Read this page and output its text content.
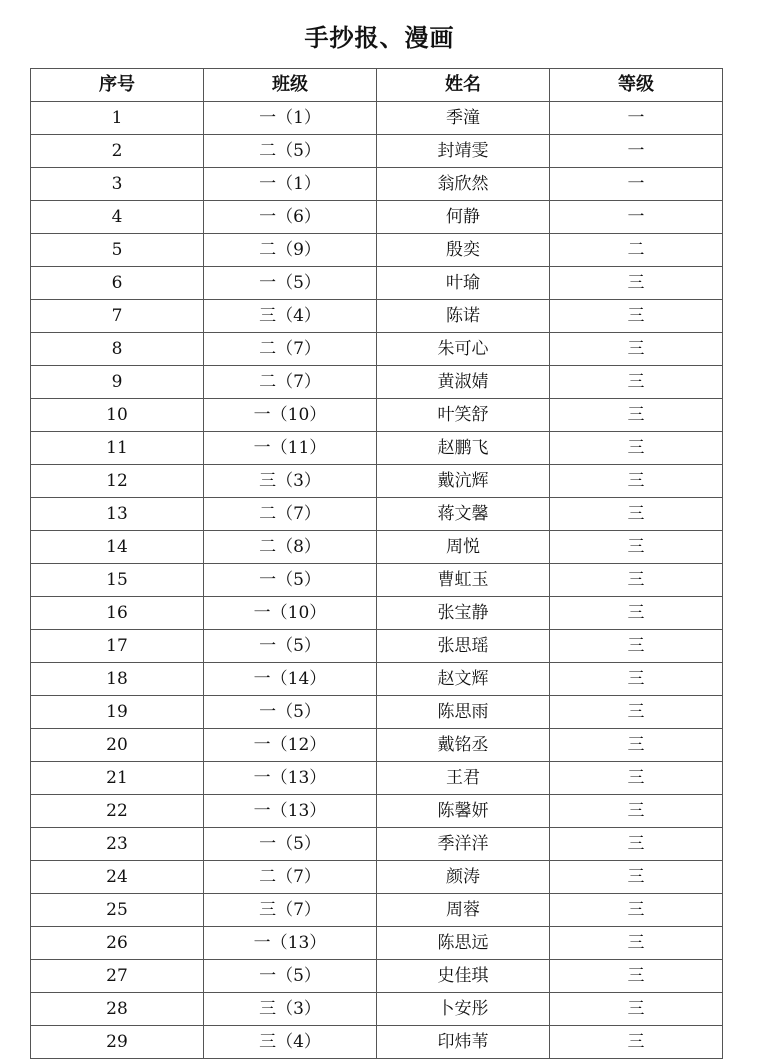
手抄报、漫画
序号	班级	姓名	等级
1	一（1）	季潼	一
2	二（5）	封靖雯	一
3	一（1）	翁欣然	一
4	一（6）	何静	一
5	二（9）	殷奕	二
6	一（5）	叶瑜	三
7	三（4）	陈诺	三
8	二（7）	朱可心	三
9	二（7）	黄淑婧	三
10	一（10）	叶笑舒	三
11	一（11）	赵鹏飞	三
12	三（3）	戴沆辉	三
13	二（7）	蒋文馨	三
14	二（8）	周悦	三
15	一（5）	曹虹玉	三
16	一（10）	张宝静	三
17	一（5）	张思瑶	三
18	一（14）	赵文辉	三
19	一（5）	陈思雨	三
20	一（12）	戴铭丞	三
21	一（13）	王君	三
22	一（13）	陈馨妍	三
23	一（5）	季洋洋	三
24	二（7）	颜涛	三
25	三（7）	周蓉	三
26	一（13）	陈思远	三
27	一（5）	史佳琪	三
28	三（3）	卜安彤	三
29	三（4）	印炜苇	三
